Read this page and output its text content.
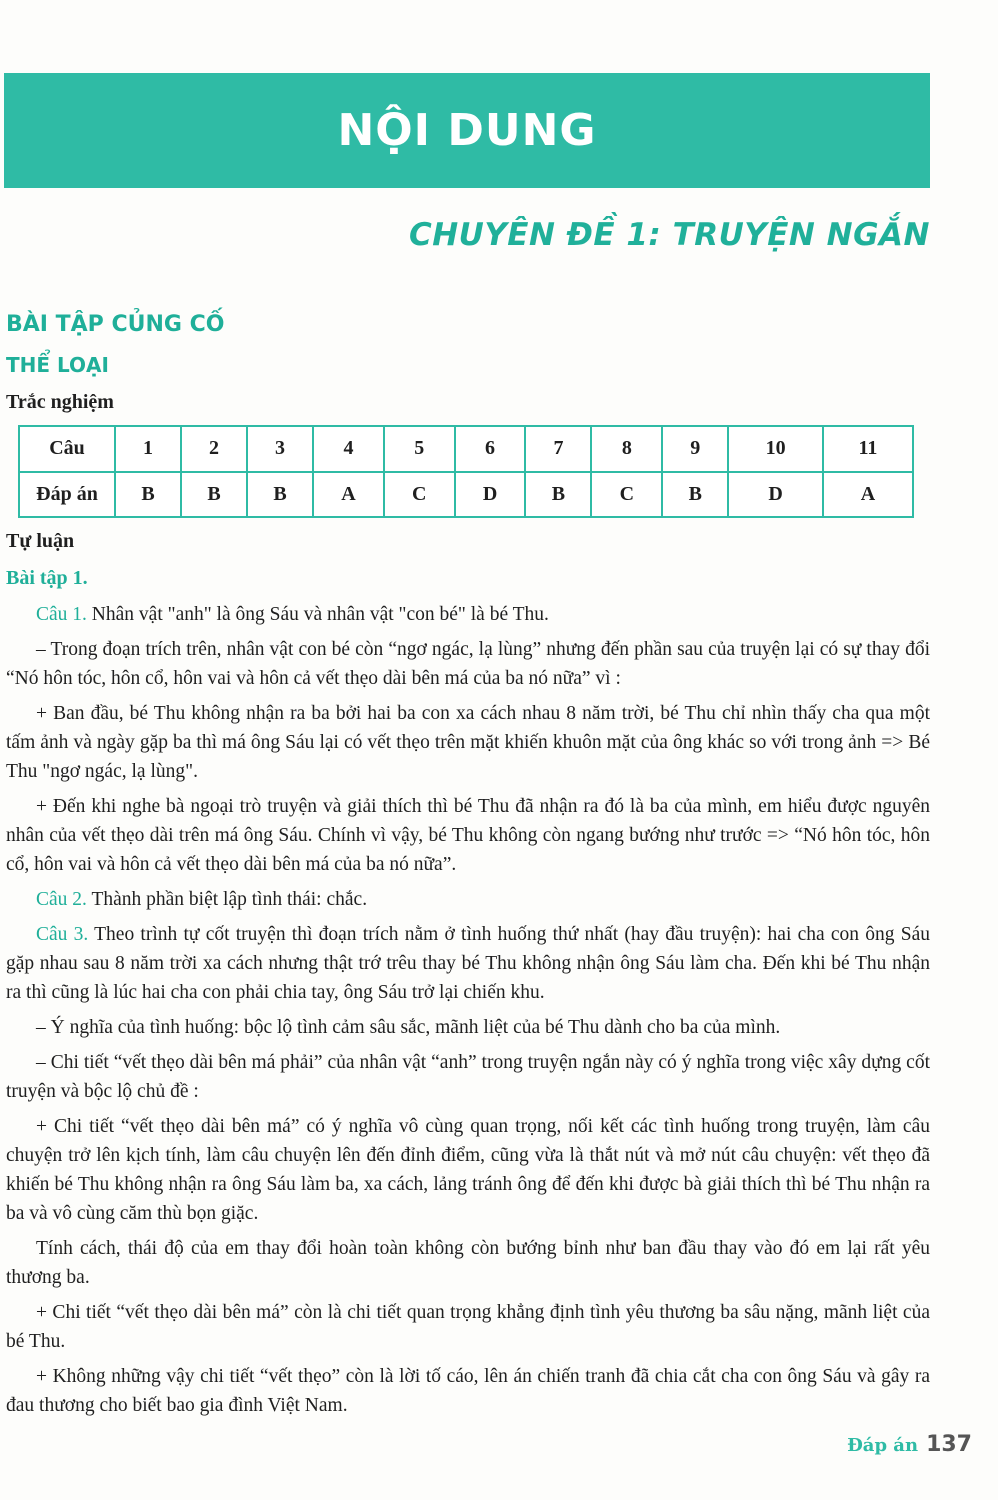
NỘI DUNG
CHUYÊN ĐỀ 1: TRUYỆN NGẮN
BÀI TẬP CỦNG CỐ
THỂ LOẠI
Trắc nghiệm
Câu	1	2	3	4	5	6	7	8	9	10	11
Đáp án	B	B	B	A	C	D	B	C	B	D	A
Tự luận
Bài tập 1.

Câu 1. Nhân vật "anh" là ông Sáu và nhân vật "con bé" là bé Thu.

– Trong đoạn trích trên, nhân vật con bé còn “ngơ ngác, lạ lùng” nhưng đến phần sau của truyện lại có sự thay đổi “Nó hôn tóc, hôn cổ, hôn vai và hôn cả vết thẹo dài bên má của ba nó nữa” vì :

+ Ban đầu, bé Thu không nhận ra ba bởi hai ba con xa cách nhau 8 năm trời, bé Thu chỉ nhìn thấy cha qua một tấm ảnh và ngày gặp ba thì má ông Sáu lại có vết thẹo trên mặt khiến khuôn mặt của ông khác so với trong ảnh => Bé Thu "ngơ ngác, lạ lùng".

+ Đến khi nghe bà ngoại trò truyện và giải thích thì bé Thu đã nhận ra đó là ba của mình, em hiểu được nguyên nhân của vết thẹo dài trên má ông Sáu. Chính vì vậy, bé Thu không còn ngang bướng như trước => “Nó hôn tóc, hôn cổ, hôn vai và hôn cả vết thẹo dài bên má của ba nó nữa”.

Câu 2. Thành phần biệt lập tình thái: chắc.

Câu 3. Theo trình tự cốt truyện thì đoạn trích nằm ở tình huống thứ nhất (hay đầu truyện): hai cha con ông Sáu gặp nhau sau 8 năm trời xa cách nhưng thật trớ trêu thay bé Thu không nhận ông Sáu làm cha. Đến khi bé Thu nhận ra thì cũng là lúc hai cha con phải chia tay, ông Sáu trở lại chiến khu.

– Ý nghĩa của tình huống: bộc lộ tình cảm sâu sắc, mãnh liệt của bé Thu dành cho ba của mình.

– Chi tiết “vết thẹo dài bên má phải” của nhân vật “anh” trong truyện ngắn này có ý nghĩa trong việc xây dựng cốt truyện và bộc lộ chủ đề :

+ Chi tiết “vết thẹo dài bên má” có ý nghĩa vô cùng quan trọng, nối kết các tình huống trong truyện, làm câu chuyện trở lên kịch tính, làm câu chuyện lên đến đỉnh điểm, cũng vừa là thắt nút và mở nút câu chuyện: vết thẹo đã khiến bé Thu không nhận ra ông Sáu làm ba, xa cách, lảng tránh ông để đến khi được bà giải thích thì bé Thu nhận ra ba và vô cùng căm thù bọn giặc.

Tính cách, thái độ của em thay đổi hoàn toàn không còn bướng bỉnh như ban đầu thay vào đó em lại rất yêu thương ba.

+ Chi tiết “vết thẹo dài bên má” còn là chi tiết quan trọng khẳng định tình yêu thương ba sâu nặng, mãnh liệt của bé Thu.

+ Không những vậy chi tiết “vết thẹo” còn là lời tố cáo, lên án chiến tranh đã chia cắt cha con ông Sáu và gây ra đau thương cho biết bao gia đình Việt Nam.

Đáp án 137
